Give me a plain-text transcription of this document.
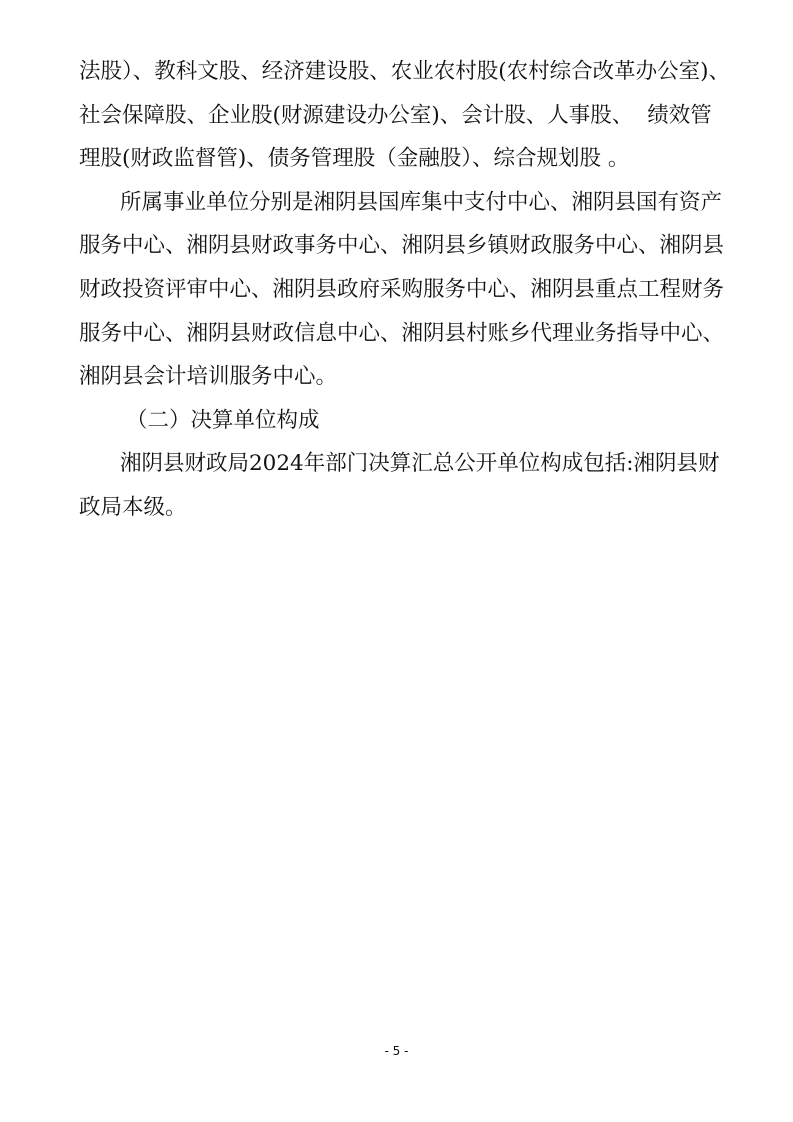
法股）、教科文股、经济建设股、农业农村股(农村综合改革办公室)、
社会保障股、企业股(财源建设办公室)、会计股、人事股、 绩效管
理股(财政监督管)、债务管理股（金融股）、综合规划股 。
所属事业单位分别是湘阴县国库集中支付中心、湘阴县国有资产
服务中心、湘阴县财政事务中心、湘阴县乡镇财政服务中心、湘阴县
财政投资评审中心、湘阴县政府采购服务中心、湘阴县重点工程财务
服务中心、湘阴县财政信息中心、湘阴县村账乡代理业务指导中心、
湘阴县会计培训服务中心。
（二）决算单位构成
湘阴县财政局2024年部门决算汇总公开单位构成包括:湘阴县财
政局本级。
- 5 -
